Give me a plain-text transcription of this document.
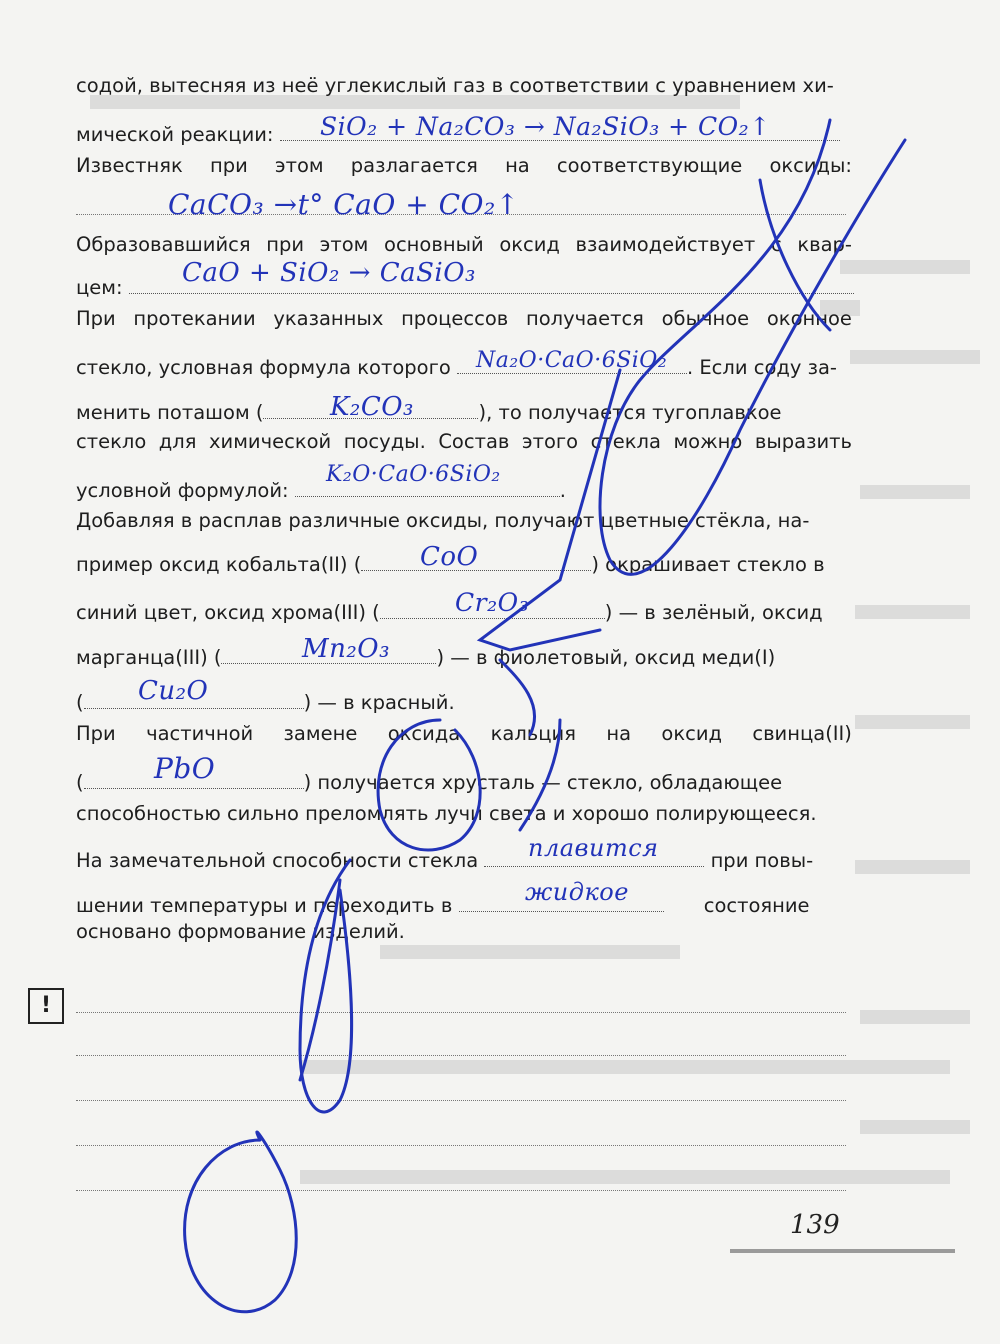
содой, вытесняя из неё углекислый газ в соответствии с уравнением хи-
мической реакции:
Известняк при этом разлагается на соответствующие оксиды:
Образовавшийся при этом основный оксид взаимодействует с квар-
цем:
При протекании указанных процессов получается обычное оконное
стекло, условная формула которого	. Если соду за-
менить поташом (	), то получается тугоплавкое
стекло для химической посуды. Состав этого стекла можно выразить
условной формулой:	.
Добавляя в расплав различные оксиды, получают цветные стёкла, на-
пример оксид кобальта(II) (	) окрашивает стекло в
синий цвет, оксид хрома(III) (	) — в зелёный, оксид
марганца(III) (	) — в фиолетовый, оксид меди(I)
(	) — в красный.
При частичной замене оксида кальция на оксид свинца(II)
(	) получается хрусталь — стекло, обладающее
способностью сильно преломлять лучи света и хорошо полирующееся.
На замечательной способности стекла	при повы-
шении температуры и переходить в	состояние
основано формование изделий.
!
SiO₂ + Na₂CO₃ → Na₂SiO₃ + CO₂↑
CaCO₃ →t° CaO + CO₂↑
CaO + SiO₂ → CaSiO₃
Na₂O·CaO·6SiO₂
K₂CO₃
K₂O·CaO·6SiO₂
CoO
Cr₂O₃
Mn₂O₃
Cu₂O
PbO
плавится
жидкое
139
